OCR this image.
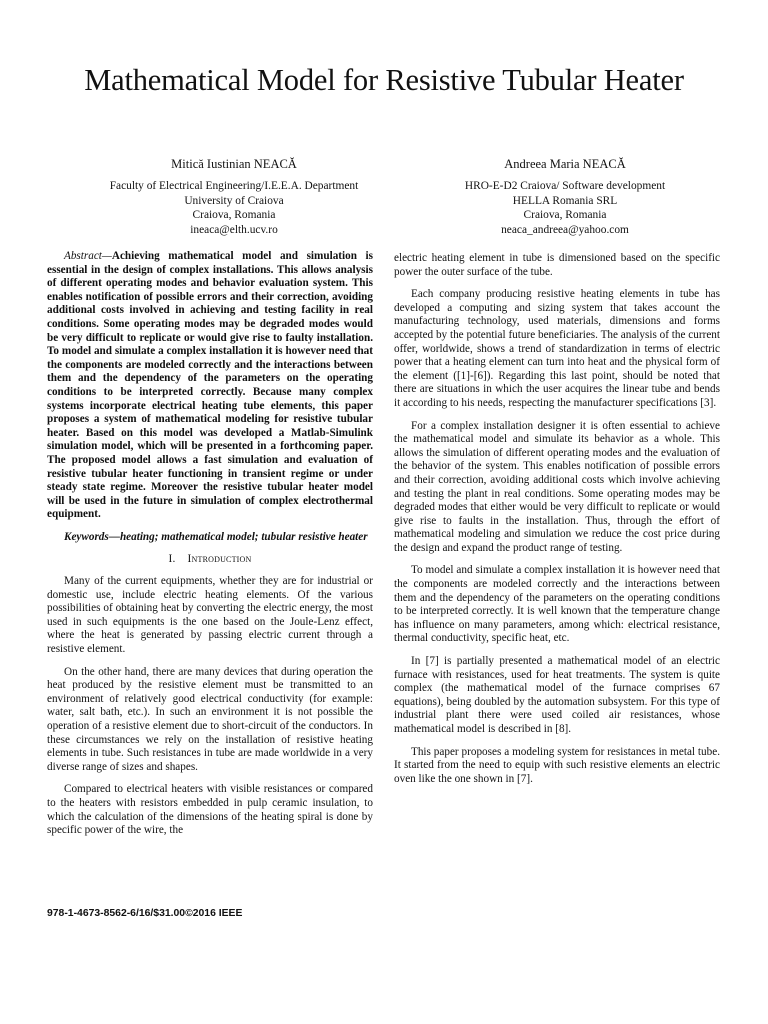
Mathematical Model for Resistive Tubular Heater
Mitică Iustinian NEACĂ
Faculty of Electrical Engineering/I.E.E.A. Department
University of Craiova
Craiova, Romania
ineaca@elth.ucv.ro
Andreea Maria NEACĂ
HRO-E-D2 Craiova/ Software development
HELLA Romania SRL
Craiova, Romania
neaca_andreea@yahoo.com

Abstract—Achieving mathematical model and simulation is essential in the design of complex installations. This allows analysis of different operating modes and behavior evaluation system. This enables notification of possible errors and their correction, avoiding additional costs involved in achieving and testing facility in real conditions. Some operating modes may be degraded modes would be very difficult to replicate or would give rise to faulty installation. To model and simulate a complex installation it is however need that the components are modeled correctly and the interactions between them and the dependency of the parameters on the operating conditions to be interpreted correctly. Because many complex systems incorporate electrical heating tube elements, this paper proposes a system of mathematical modeling for resistive tubular heater. Based on this model was developed a Matlab-Simulink simulation model, which will be presented in a forthcoming paper. The proposed model allows a fast simulation and evaluation of resistive tubular heater functioning in transient regime or under steady state regime. Moreover the resistive tubular heater model will be used in the future in simulation of complex electrothermal equipment.

Keywords—heating; mathematical model; tubular resistive heater

I. Introduction

Many of the current equipments, whether they are for industrial or domestic use, include electric heating elements. Of the various possibilities of obtaining heat by converting the electric energy, the most used in such equipments is the one based on the Joule-Lenz effect, where the heat is generated by passing electric current through a resistive element.

On the other hand, there are many devices that during operation the heat produced by the resistive element must be transmitted to an environment of relatively good electrical conductivity (for example: water, salt bath, etc.). In such an environment it is not possible the operation of a resistive element due to short-circuit of the conductors. In these circumstances we rely on the installation of resistive heating elements in tube. Such resistances in tube are made worldwide in a very diverse range of sizes and shapes.

Compared to electrical heaters with visible resistances or compared to the heaters with resistors embedded in pulp ceramic insulation, to which the calculation of the dimensions of the heating spiral is done by specific power of the wire, the

electric heating element in tube is dimensioned based on the specific power the outer surface of the tube.

Each company producing resistive heating elements in tube has developed a computing and sizing system that takes account the manufacturing technology, used materials, dimensions and forms accepted by the potential future beneficiaries. The analysis of the current offer, worldwide, shows a trend of standardization in terms of electric power that a heating element can turn into heat and the physical form of the element ([1]-[6]). Regarding this last point, should be noted that there are situations in which the user acquires the linear tube and bends it according to his needs, respecting the manufacturer specifications [3].

For a complex installation designer it is often essential to achieve the mathematical model and simulate its behavior as a whole. This allows the simulation of different operating modes and the evaluation of the behavior of the system. This enables notification of possible errors and their correction, avoiding additional costs which involve achieving and testing the plant in real conditions. Some operating modes may be degraded modes that either would be very difficult to replicate or would give rise to faults in the installation. Thus, through the effort of mathematical modeling and simulation we reduce the cost price during the design and expand the product range of testing.

To model and simulate a complex installation it is however need that the components are modeled correctly and the interactions between them and the dependency of the parameters on the operating conditions to be interpreted correctly. It is well known that the temperature change has influence on many parameters, among which: electrical resistance, thermal conductivity, specific heat, etc.

In [7] is partially presented a mathematical model of an electric furnace with resistances, used for heat treatments. The system is quite complex (the mathematical model of the furnace comprises 67 equations), being doubled by the automation subsystem. For this type of industrial plant there were used coiled air resistances, whose mathematical model is described in [8].

This paper proposes a modeling system for resistances in metal tube. It started from the need to equip with such resistive elements an electric oven like the one shown in [7].

978-1-4673-8562-6/16/$31.00©2016 IEEE
